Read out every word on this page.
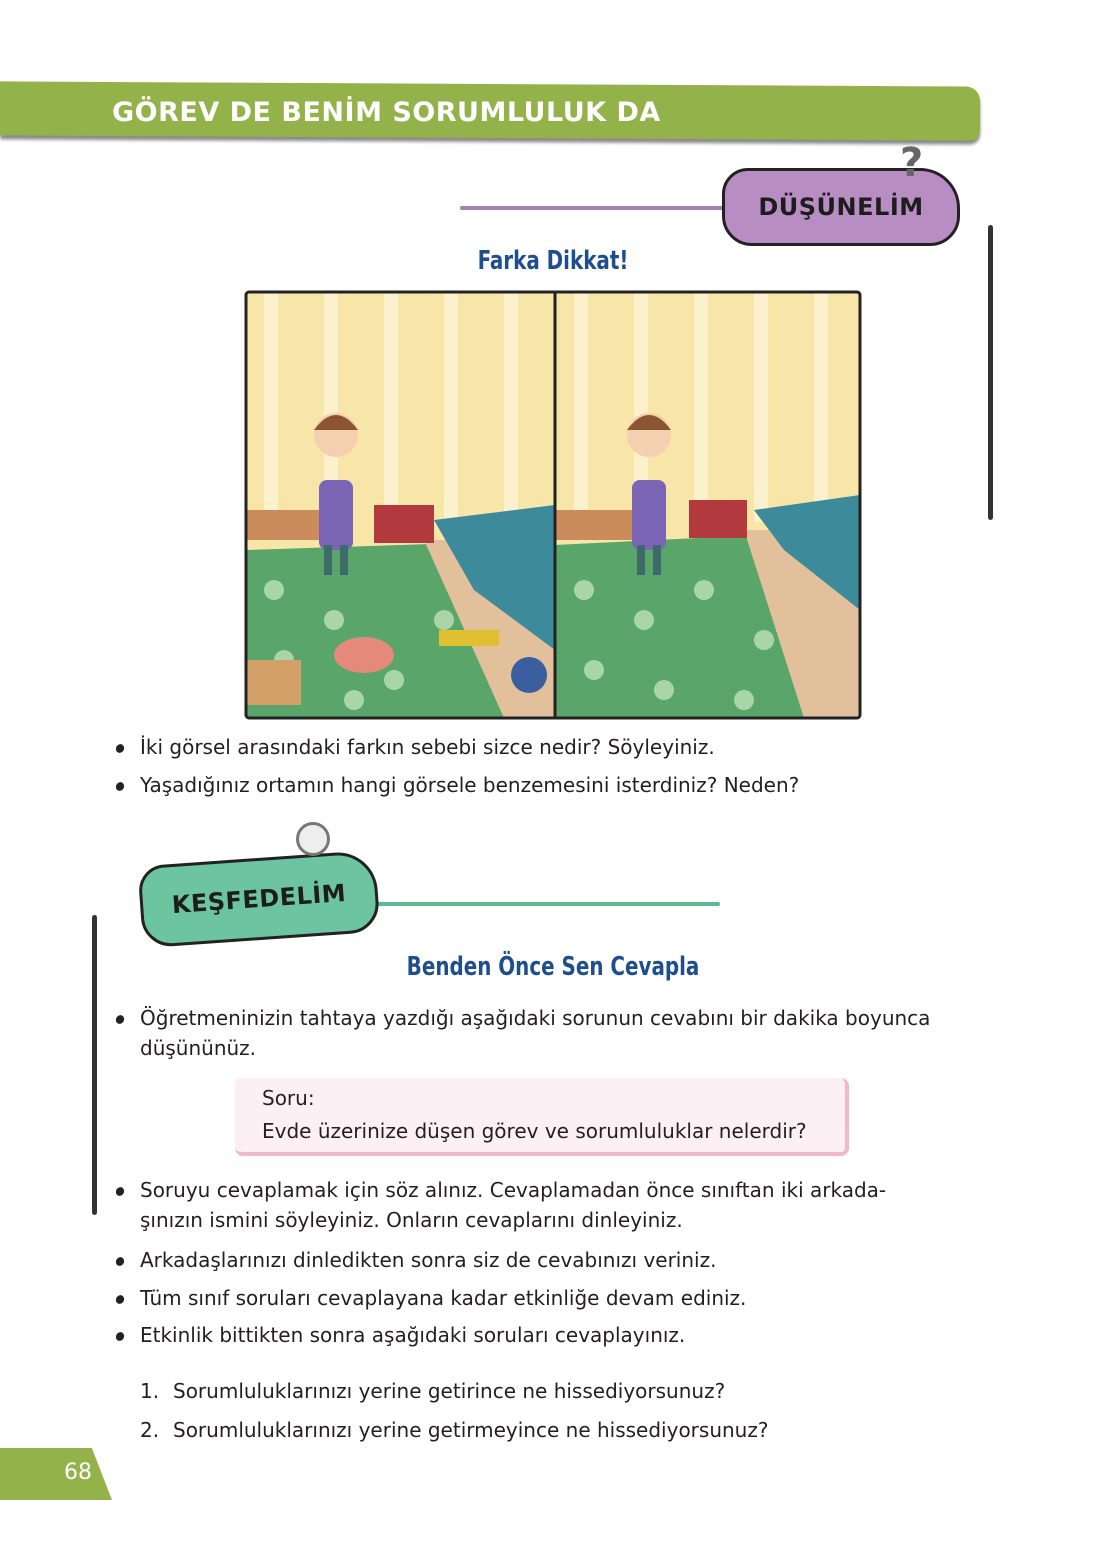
GÖREV DE BENİM SORUMLULUK DA
DÜŞÜNELİM
?
Farka Dikkat!
İki görsel arasındaki farkın sebebi sizce nedir? Söyleyiniz.
Yaşadığınız ortamın hangi görsele benzemesini isterdiniz? Neden?
KEŞFEDELİM
Benden Önce Sen Cevapla
Öğretmeninizin tahtaya yazdığı aşağıdaki sorunun cevabını bir dakika boyunca
düşününüz.
Soru:
Evde üzerinize düşen görev ve sorumluluklar nelerdir?
Soruyu cevaplamak için söz alınız. Cevaplamadan önce sınıftan iki arkada-
şınızın ismini söyleyiniz. Onların cevaplarını dinleyiniz.
Arkadaşlarınızı dinledikten sonra siz de cevabınızı veriniz.
Tüm sınıf soruları cevaplayana kadar etkinliğe devam ediniz.
Etkinlik bittikten sonra aşağıdaki soruları cevaplayınız.
1. Sorumluluklarınızı yerine getirince ne hissediyorsunuz?
2. Sorumluluklarınızı yerine getirmeyince ne hissediyorsunuz?
68
